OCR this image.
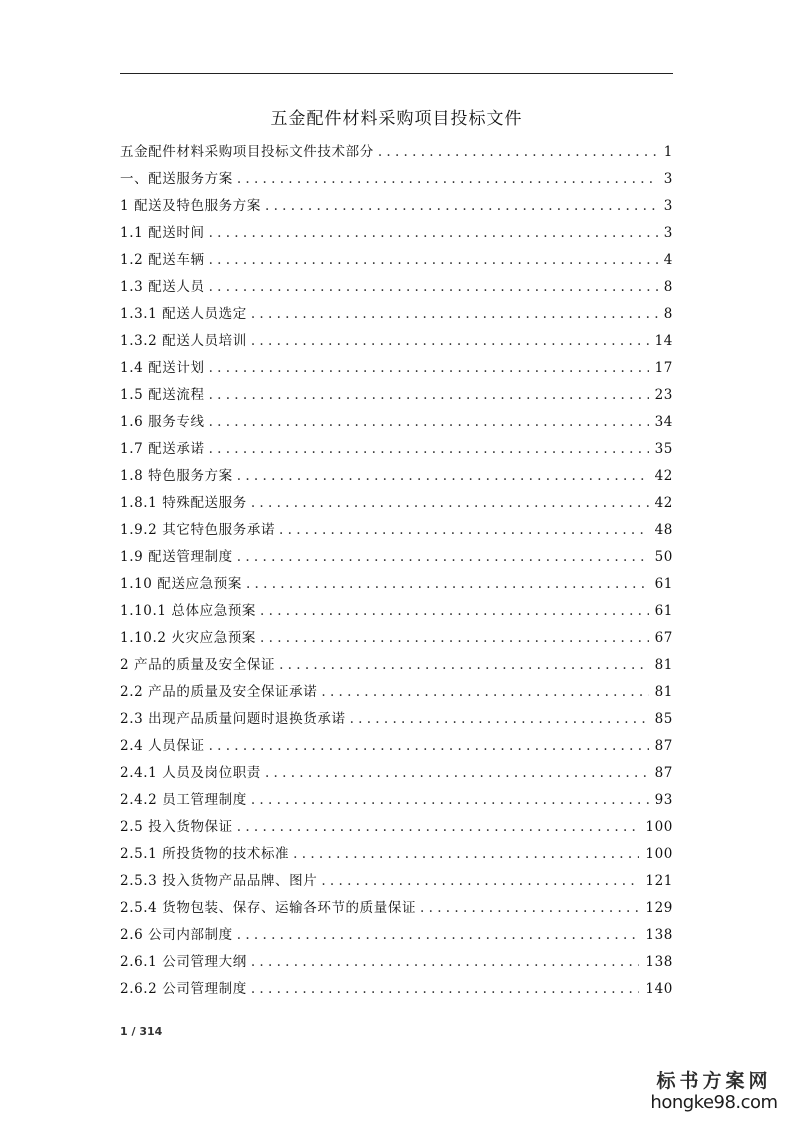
五金配件材料采购项目投标文件
五金配件材料采购项目投标文件技术部分 . . .	1
一、配送服务方案 . . .	3
1 配送及特色服务方案 . . .	3
1.1 配送时间 . . .	3
1.2 配送车辆 . . .	4
1.3 配送人员 . . .	8
1.3.1 配送人员选定 . . .	8
1.3.2 配送人员培训 . . .	14
1.4 配送计划 . . .	17
1.5 配送流程 . . .	23
1.6 服务专线 . . .	34
1.7 配送承诺 . . .	35
1.8 特色服务方案 . . .	42
1.8.1 特殊配送服务 . . .	42
1.9.2 其它特色服务承诺 . . .	48
1.9 配送管理制度 . . .	50
1.10 配送应急预案 . . .	61
1.10.1 总体应急预案 . . .	61
1.10.2 火灾应急预案 . . .	67
2 产品的质量及安全保证 . . .	81
2.2 产品的质量及安全保证承诺 . . .	81
2.3 出现产品质量问题时退换货承诺 . . .	85
2.4 人员保证 . . .	87
2.4.1 人员及岗位职责 . . .	87
2.4.2 员工管理制度 . . .	93
2.5 投入货物保证 . . .	100
2.5.1 所投货物的技术标准 . . .	100
2.5.3 投入货物产品品牌、图片 . . .	121
2.5.4 货物包装、保存、运输各环节的质量保证 . . .	129
2.6 公司内部制度 . . .	138
2.6.1 公司管理大纲 . . .	138
2.6.2 公司管理制度 . . .	140
1 / 314
标书方案网
hongke98.com
